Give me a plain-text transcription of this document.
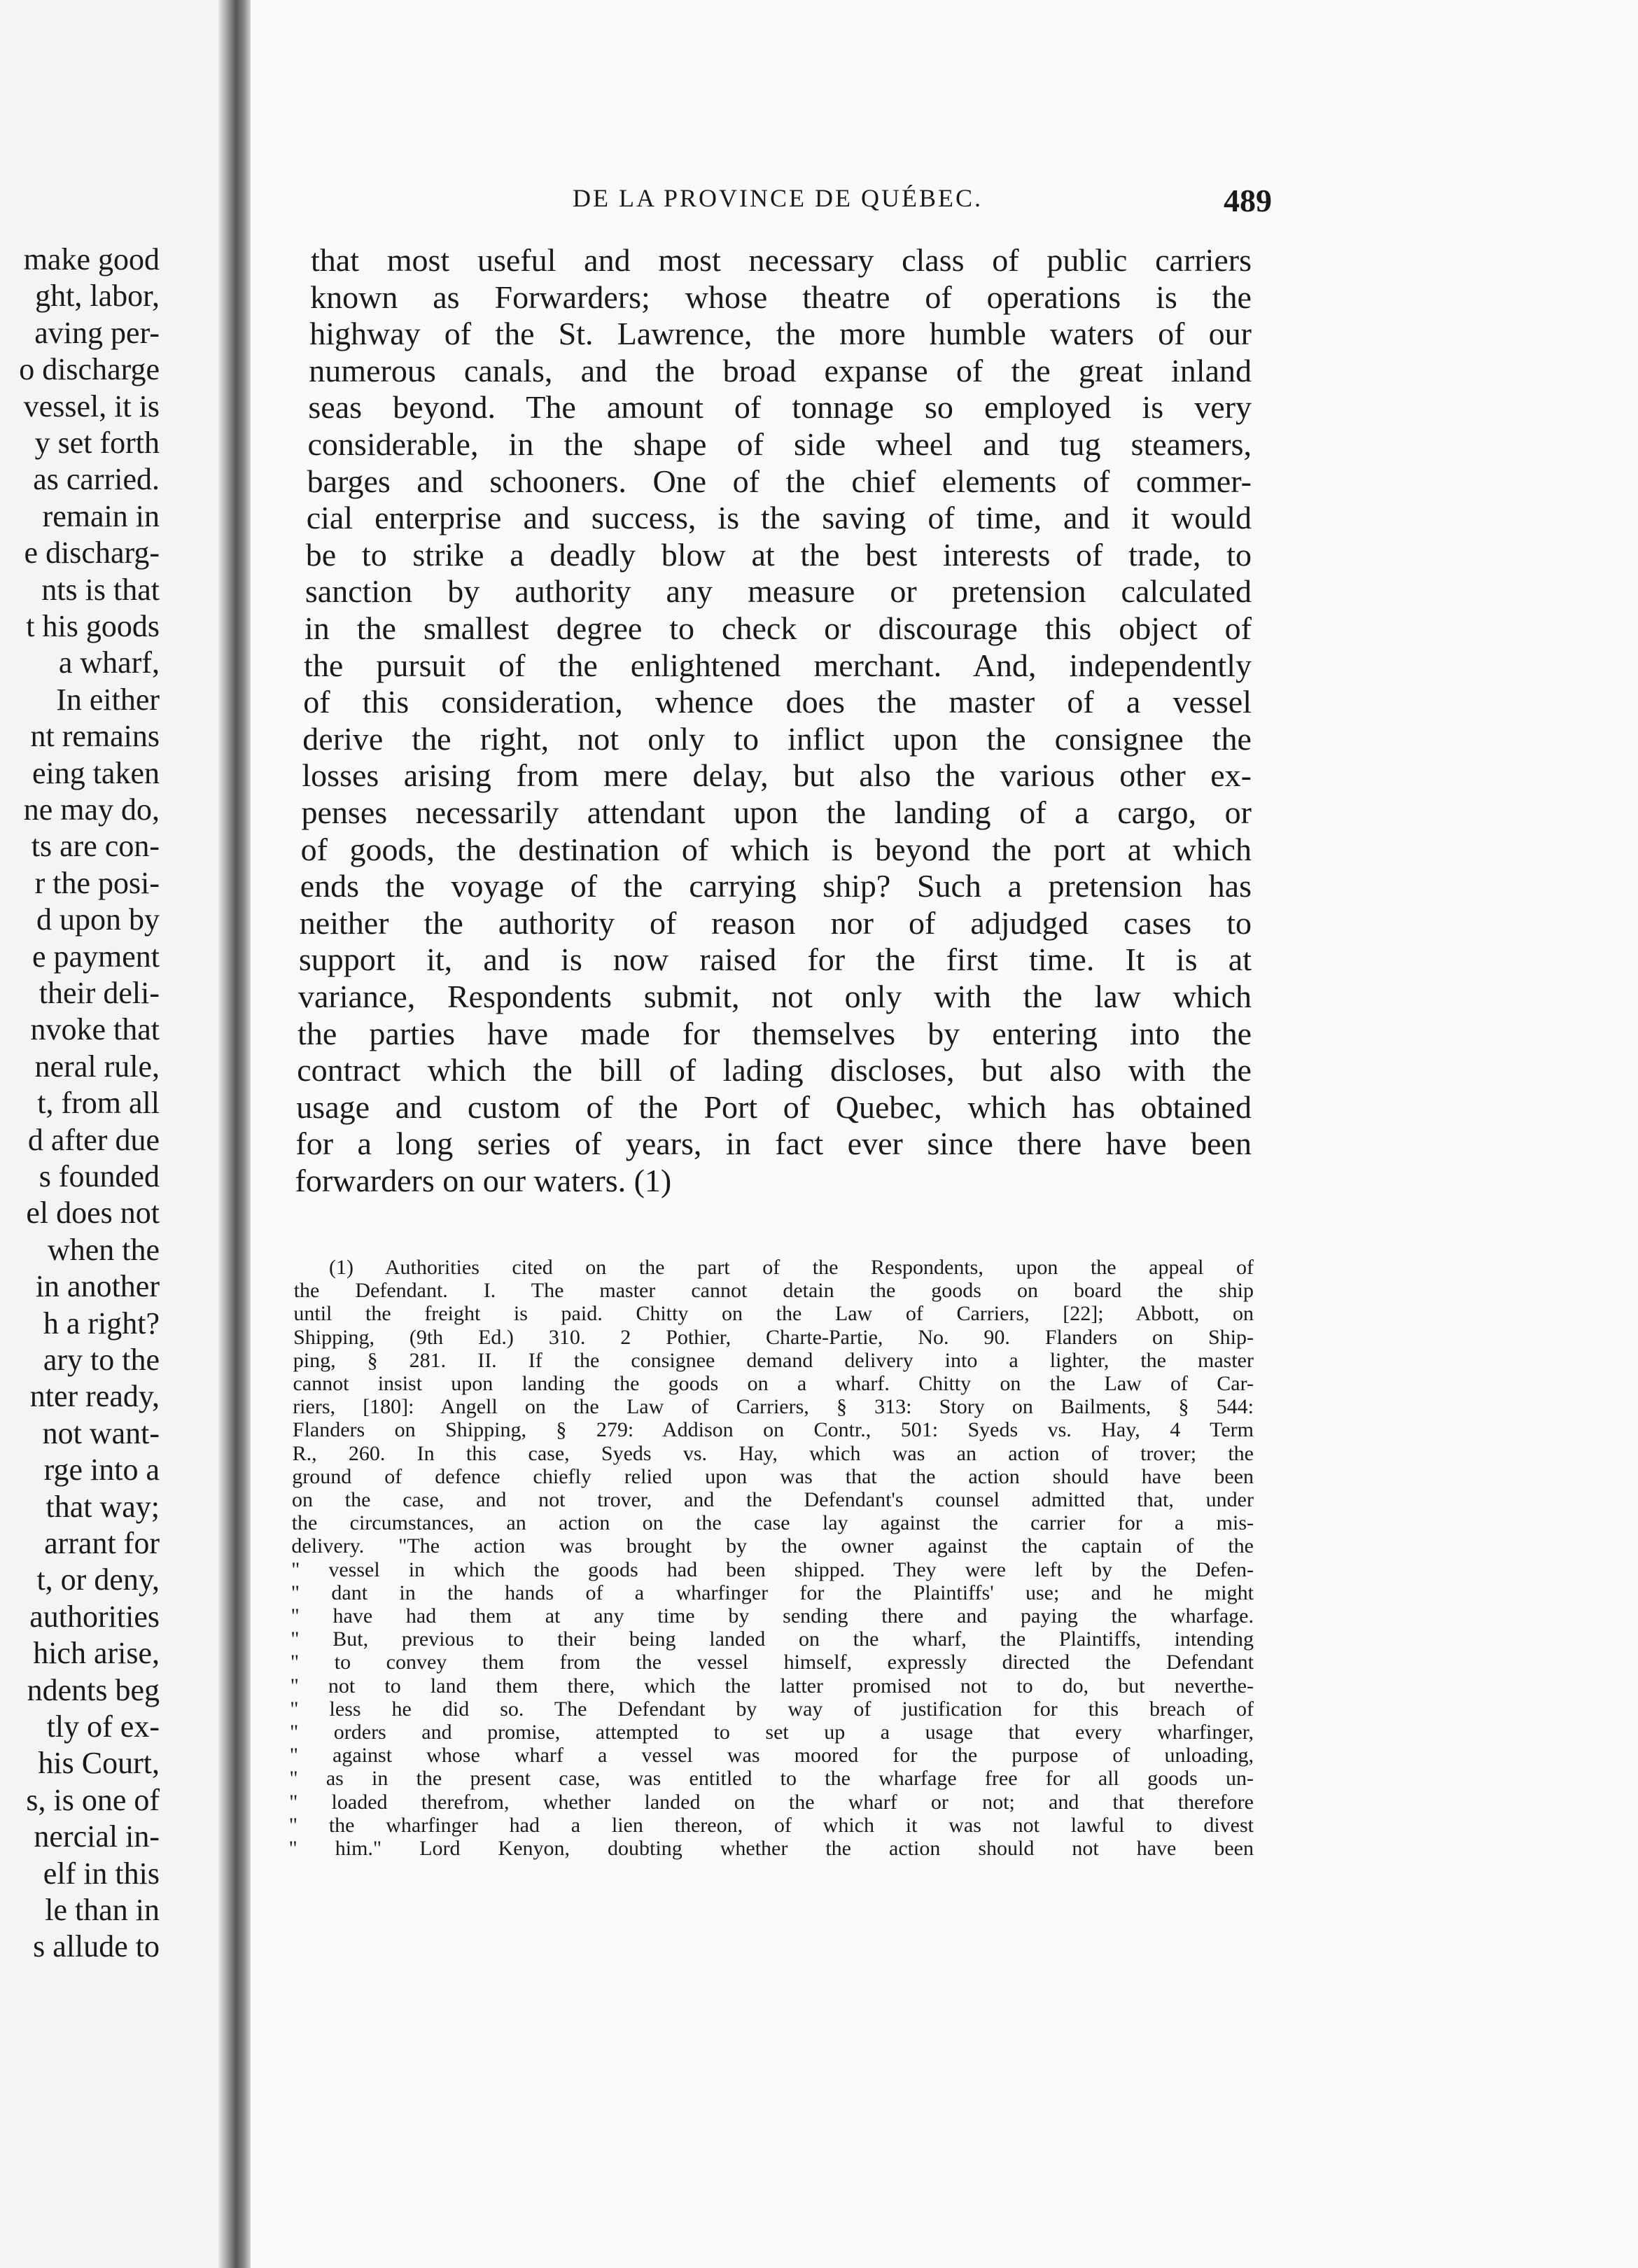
make good
ght, labor,
aving per-
o discharge
vessel, it is
y set forth
as carried.
remain in
e discharg-
nts is that
t his goods
a wharf,
In either
nt remains
eing taken
ne may do,
ts are con-
r the posi-
d upon by
e payment
their deli-
nvoke that
neral rule,
t, from all
d after due
s founded
el does not
when the
in another
h a right?
ary to the
nter ready,
not want-
rge into a
that way;
arrant for
t, or deny,
authorities
hich arise,
ndents beg
tly of ex-
his Court,
s, is one of
nercial in-
elf in this
le than in
s allude to
DE LA PROVINCE DE QUÉBEC.	489
that most useful and most necessary class of public carriers
known as Forwarders; whose theatre of operations is the
highway of the St. Lawrence, the more humble waters of our
numerous canals, and the broad expanse of the great inland
seas beyond. The amount of tonnage so employed is very
considerable, in the shape of side wheel and tug steamers,
barges and schooners. One of the chief elements of commer-
cial enterprise and success, is the saving of time, and it would
be to strike a deadly blow at the best interests of trade, to
sanction by authority any measure or pretension calculated
in the smallest degree to check or discourage this object of
the pursuit of the enlightened merchant. And, independently
of this consideration, whence does the master of a vessel
derive the right, not only to inflict upon the consignee the
losses arising from mere delay, but also the various other ex-
penses necessarily attendant upon the landing of a cargo, or
of goods, the destination of which is beyond the port at which
ends the voyage of the carrying ship? Such a pretension has
neither the authority of reason nor of adjudged cases to
support it, and is now raised for the first time. It is at
variance, Respondents submit, not only with the law which
the parties have made for themselves by entering into the
contract which the bill of lading discloses, but also with the
usage and custom of the Port of Quebec, which has obtained
for a long series of years, in fact ever since there have been
forwarders on our waters. (1)
(1) Authorities cited on the part of the Respondents, upon the appeal of
the Defendant. I. The master cannot detain the goods on board the ship
until the freight is paid. Chitty on the Law of Carriers, [22]; Abbott, on
Shipping, (9th Ed.) 310. 2 Pothier, Charte-Partie, No. 90. Flanders on Ship-
ping, § 281. II. If the consignee demand delivery into a lighter, the master
cannot insist upon landing the goods on a wharf. Chitty on the Law of Car-
riers, [180]: Angell on the Law of Carriers, § 313: Story on Bailments, § 544:
Flanders on Shipping, § 279: Addison on Contr., 501: Syeds vs. Hay, 4 Term
R., 260. In this case, Syeds vs. Hay, which was an action of trover; the
ground of defence chiefly relied upon was that the action should have been
on the case, and not trover, and the Defendant's counsel admitted that, under
the circumstances, an action on the case lay against the carrier for a mis-
delivery. "The action was brought by the owner against the captain of the
" vessel in which the goods had been shipped. They were left by the Defen-
" dant in the hands of a wharfinger for the Plaintiffs' use; and he might
" have had them at any time by sending there and paying the wharfage.
" But, previous to their being landed on the wharf, the Plaintiffs, intending
" to convey them from the vessel himself, expressly directed the Defendant
" not to land them there, which the latter promised not to do, but neverthe-
" less he did so. The Defendant by way of justification for this breach of
" orders and promise, attempted to set up a usage that every wharfinger,
" against whose wharf a vessel was moored for the purpose of unloading,
" as in the present case, was entitled to the wharfage free for all goods un-
" loaded therefrom, whether landed on the wharf or not; and that therefore
" the wharfinger had a lien thereon, of which it was not lawful to divest
" him." Lord Kenyon, doubting whether the action should not have been
